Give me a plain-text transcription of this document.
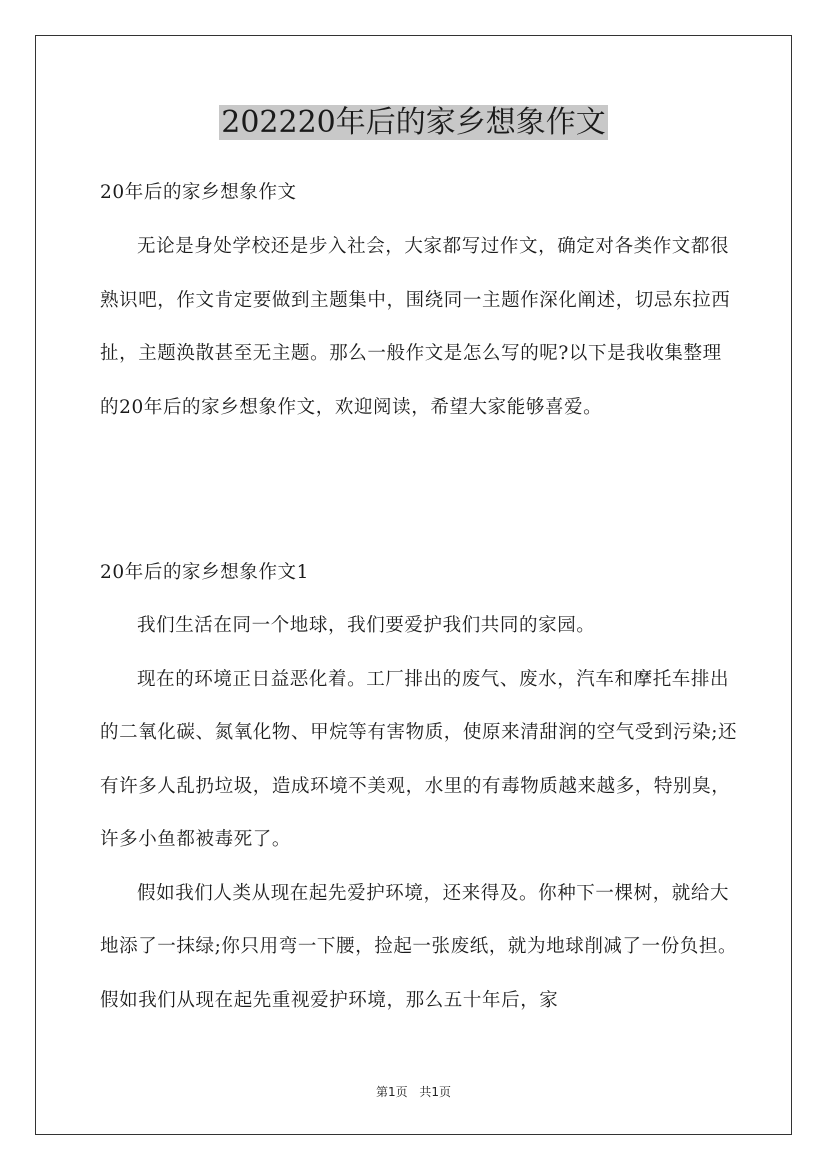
202220年后的家乡想象作文

20年后的家乡想象作文

无论是身处学校还是步入社会，大家都写过作文，确定对各类作文都很熟识吧，作文肯定要做到主题集中，围绕同一主题作深化阐述，切忌东拉西扯，主题涣散甚至无主题。那么一般作文是怎么写的呢?以下是我收集整理的20年后的家乡想象作文，欢迎阅读，希望大家能够喜爱。

20年后的家乡想象作文1

我们生活在同一个地球，我们要爱护我们共同的家园。

现在的环境正日益恶化着。工厂排出的废气、废水，汽车和摩托车排出的二氧化碳、氮氧化物、甲烷等有害物质，使原来清甜润的空气受到污染;还有许多人乱扔垃圾，造成环境不美观，水里的有毒物质越来越多，特别臭，许多小鱼都被毒死了。

假如我们人类从现在起先爱护环境，还来得及。你种下一棵树，就给大地添了一抹绿;你只用弯一下腰，捡起一张废纸，就为地球削减了一份负担。假如我们从现在起先重视爱护环境，那么五十年后，家

第1页 共1页
